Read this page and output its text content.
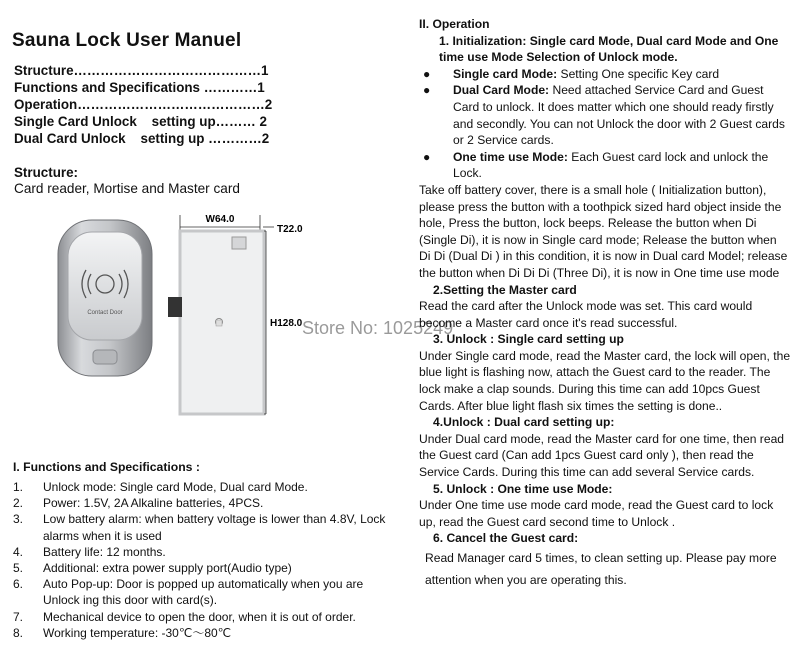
Sauna Lock User Manuel
Structure……………………………………1
Functions and Specifications …………1
Operation……………………………………2
Single Card Unlock    setting up……… 2
Dual Card Unlock    setting up …………2
Structure:
Card reader, Mortise and Master card
Contact Door
W64.0
T22.0
H128.0 Store No: 1025249
I. Functions and Specifications :
1.	Unlock mode: Single card Mode, Dual card Mode.
2.	Power: 1.5V, 2A Alkaline batteries, 4PCS.
3.	Low battery alarm: when battery voltage is lower than 4.8V, Lock alarms when it is used
4.	Battery life: 12 months.
5.	Additional: extra power supply port(Audio type)
6.	Auto Pop-up: Door is popped up automatically when you are Unlock ing this door with card(s).
7.	Mechanical device to open the door, when it is out of order.
8.	Working temperature: -30℃～80℃
II. Operation
1. Initialization: Single card Mode, Dual card Mode and One time use Mode Selection of Unlock mode.
●	Single card Mode: Setting One specific Key card
●	Dual Card Mode: Need attached Service Card and Guest Card to unlock. It does matter which one should ready firstly and secondly. You can not Unlock the door with 2 Guest cards or 2 Service cards.
●	One time use Mode: Each Guest card lock and unlock the Lock.
Take off battery cover, there is a small hole ( Initialization button), please press the button with a toothpick sized hard object inside the hole, Press the button, lock beeps. Release the button when Di (Single Di), it is now in Single card mode; Release the button when Di Di (Dual Di ) in this condition, it is now in Dual card Model; release the button when Di Di Di (Three Di), it is now in One time use mode
2.Setting the Master card
Read the card after the Unlock mode was set. This card would become a Master card once it's read successful.
3. Unlock : Single card setting up
Under Single card mode, read the Master card, the lock will open, the blue light is flashing now, attach the Guest card to the reader. The lock make a clap sounds. During this time can add 10pcs Guest Cards. After blue light flash six times the setting is done..
4.Unlock : Dual card setting up:
Under Dual card mode, read the Master card for one time, then read the Guest card (Can add 1pcs Guest card only ), then read the Service Cards. During this time can add several Service cards.
5. Unlock : One time use Mode:
Under One time use mode card mode, read the Guest card to lock up, read the Guest card second time to Unlock .
6. Cancel the Guest card:
Read Manager card 5 times, to clean setting up. Please pay more attention when you are operating this.
